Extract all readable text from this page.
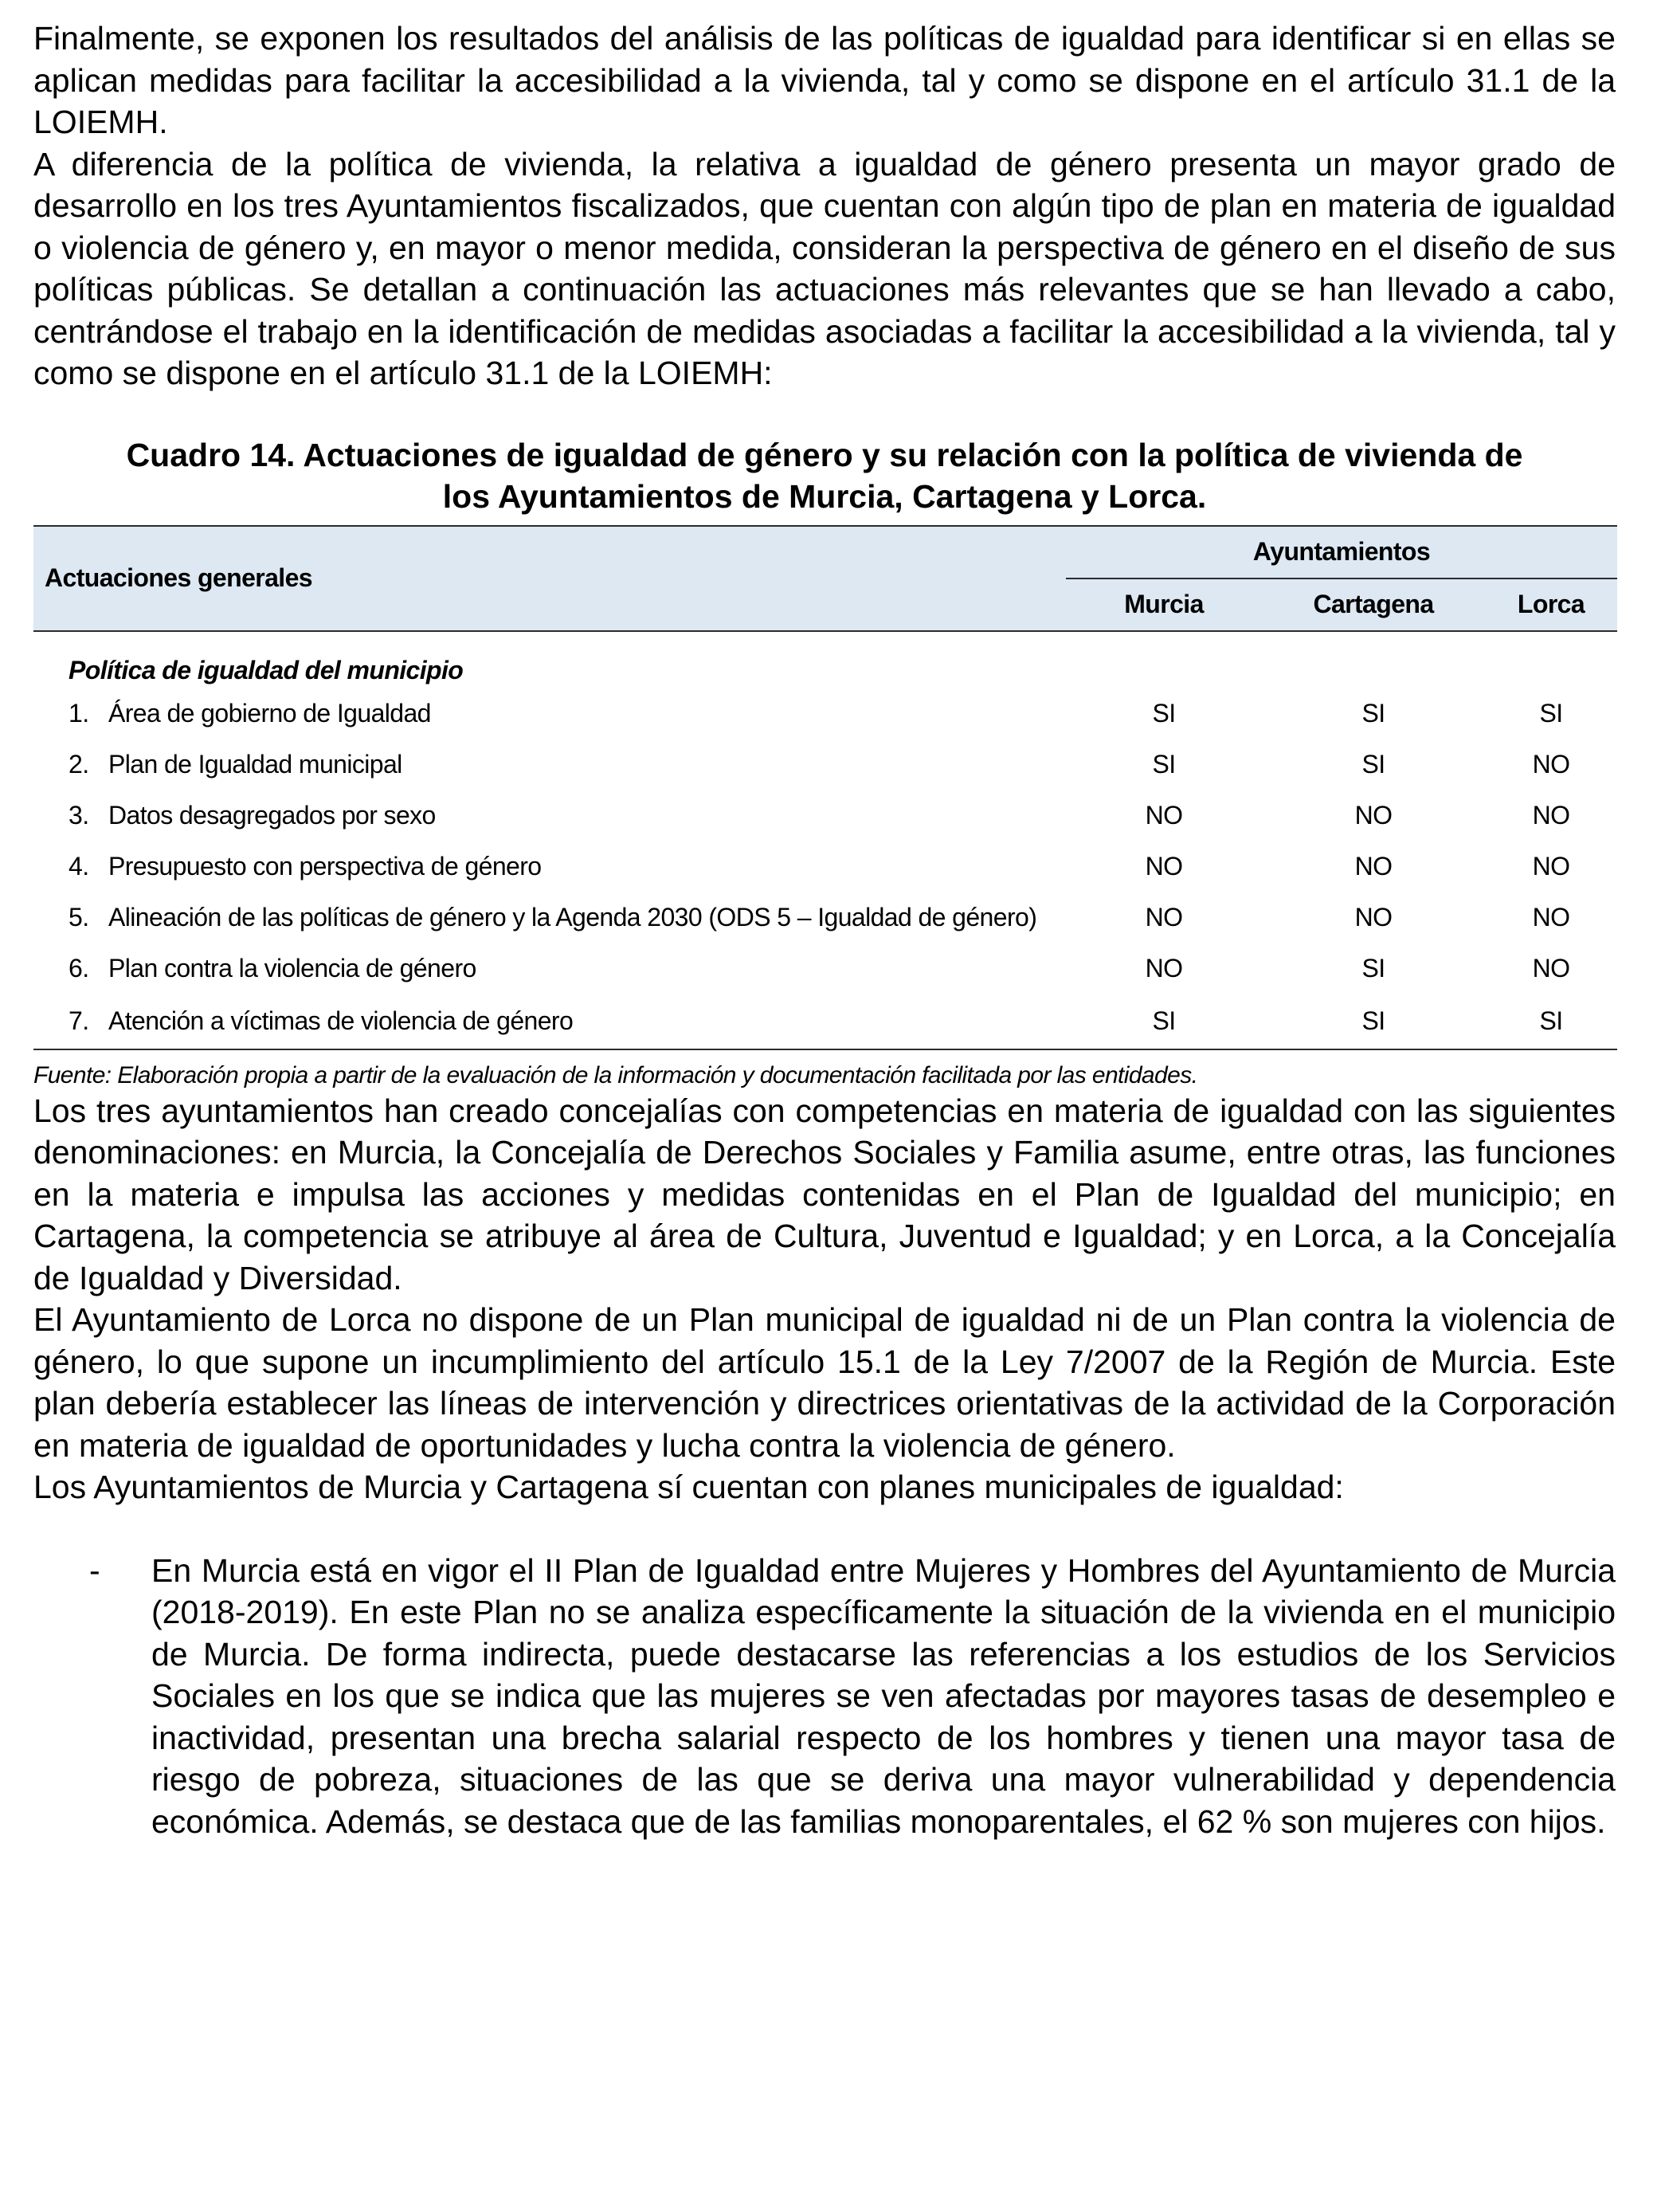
Finalmente, se exponen los resultados del análisis de las políticas de igualdad para identificar si en ellas se aplican medidas para facilitar la accesibilidad a la vivienda, tal y como se dispone en el artículo 31.1 de la LOIEMH.

A diferencia de la política de vivienda, la relativa a igualdad de género presenta un mayor grado de desarrollo en los tres Ayuntamientos fiscalizados, que cuentan con algún tipo de plan en materia de igualdad o violencia de género y, en mayor o menor medida, consideran la perspectiva de género en el diseño de sus políticas públicas. Se detallan a continuación las actuaciones más relevantes que se han llevado a cabo, centrándose el trabajo en la identificación de medidas asociadas a facilitar la accesibilidad a la vivienda, tal y como se dispone en el artículo 31.1 de la LOIEMH:

Cuadro 14. Actuaciones de igualdad de género y su relación con la política de vivienda de
los Ayuntamientos de Murcia, Cartagena y Lorca.
Actuaciones generales	Ayuntamientos		
	Murcia	Cartagena	Lorca
Política de igualdad del municipio			
1. Área de gobierno de Igualdad	SI	SI	SI
2. Plan de Igualdad municipal	SI	SI	NO
3. Datos desagregados por sexo	NO	NO	NO
4. Presupuesto con perspectiva de género	NO	NO	NO
5. Alineación de las políticas de género y la Agenda 2030 (ODS 5 – Igualdad de género)	NO	NO	NO
6. Plan contra la violencia de género	NO	SI	NO
7. Atención a víctimas de violencia de género	SI	SI	SI
Fuente: Elaboración propia a partir de la evaluación de la información y documentación facilitada por las entidades.

Los tres ayuntamientos han creado concejalías con competencias en materia de igualdad con las siguientes denominaciones: en Murcia, la Concejalía de Derechos Sociales y Familia asume, entre otras, las funciones en la materia e impulsa las acciones y medidas contenidas en el Plan de Igualdad del municipio; en Cartagena, la competencia se atribuye al área de Cultura, Juventud e Igualdad; y en Lorca, a la Concejalía de Igualdad y Diversidad.

El Ayuntamiento de Lorca no dispone de un Plan municipal de igualdad ni de un Plan contra la violencia de género, lo que supone un incumplimiento del artículo 15.1 de la Ley 7/2007 de la Región de Murcia. Este plan debería establecer las líneas de intervención y directrices orientativas de la actividad de la Corporación en materia de igualdad de oportunidades y lucha contra la violencia de género.

Los Ayuntamientos de Murcia y Cartagena sí cuentan con planes municipales de igualdad:

- En Murcia está en vigor el II Plan de Igualdad entre Mujeres y Hombres del Ayuntamiento de Murcia (2018-2019). En este Plan no se analiza específicamente la situación de la vivienda en el municipio de Murcia. De forma indirecta, puede destacarse las referencias a los estudios de los Servicios Sociales en los que se indica que las mujeres se ven afectadas por mayores tasas de desempleo e inactividad, presentan una brecha salarial respecto de los hombres y tienen una mayor tasa de riesgo de pobreza, situaciones de las que se deriva una mayor vulnerabilidad y dependencia económica. Además, se destaca que de las familias monoparentales, el 62 % son mujeres con hijos.
